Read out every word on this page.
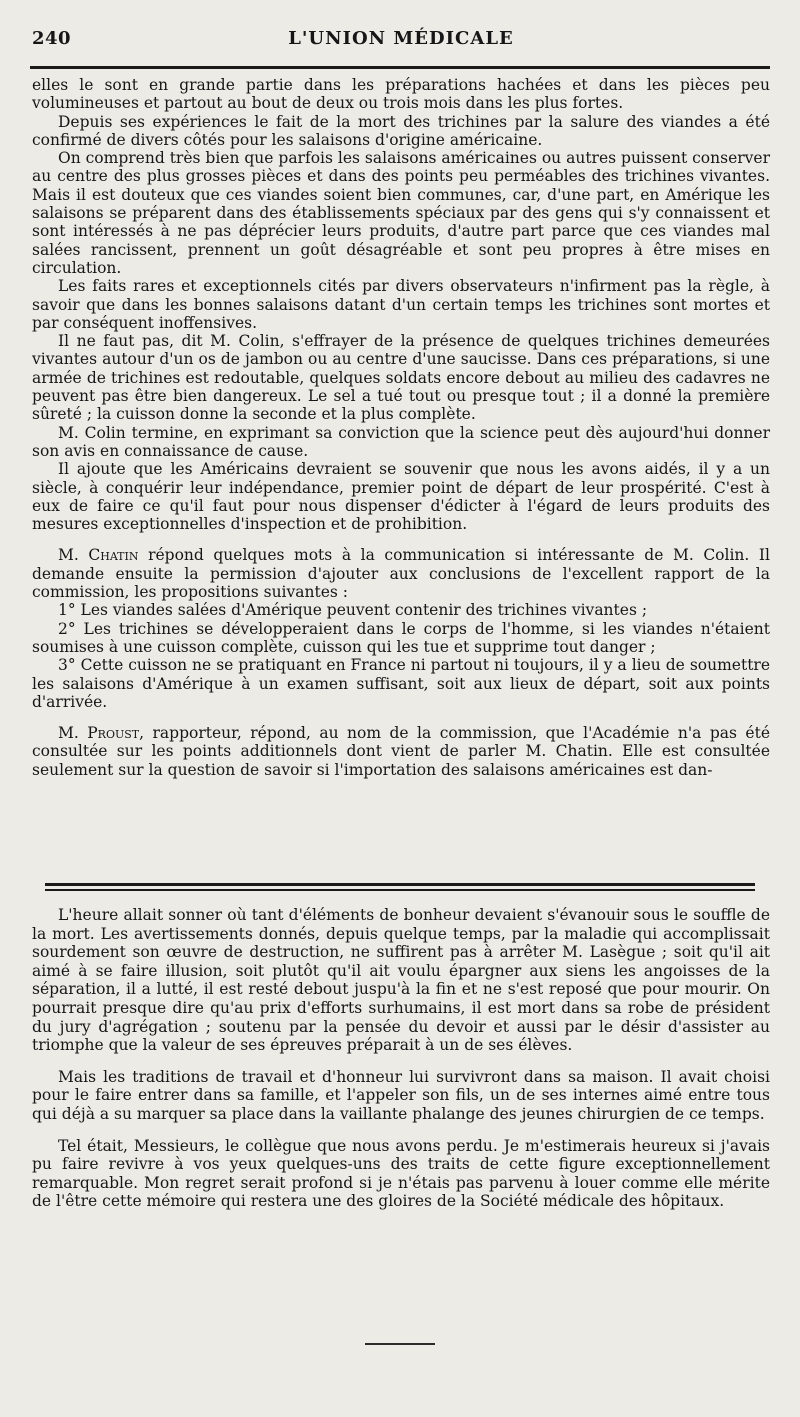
240	L'UNION MÉDICALE

elles le sont en grande partie dans les préparations hachées et dans les pièces peu volumineuses et partout au bout de deux ou trois mois dans les plus fortes.

Depuis ses expériences le fait de la mort des trichines par la salure des viandes a été confirmé de divers côtés pour les salaisons d'origine américaine.

On comprend très bien que parfois les salaisons américaines ou autres puissent conserver au centre des plus grosses pièces et dans des points peu perméables des trichines vivantes. Mais il est douteux que ces viandes soient bien communes, car, d'une part, en Amérique les salaisons se préparent dans des établissements spéciaux par des gens qui s'y connaissent et sont intéressés à ne pas déprécier leurs produits, d'autre part parce que ces viandes mal salées rancissent, prennent un goût désagréable et sont peu propres à être mises en circulation.

Les faits rares et exceptionnels cités par divers observateurs n'infirment pas la règle, à savoir que dans les bonnes salaisons datant d'un certain temps les trichines sont mortes et par conséquent inoffensives.

Il ne faut pas, dit M. Colin, s'effrayer de la présence de quelques trichines demeurées vivantes autour d'un os de jambon ou au centre d'une saucisse. Dans ces préparations, si une armée de trichines est redoutable, quelques soldats encore debout au milieu des cadavres ne peuvent pas être bien dangereux. Le sel a tué tout ou presque tout ; il a donné la première sûreté ; la cuisson donne la seconde et la plus complète.

M. Colin termine, en exprimant sa conviction que la science peut dès aujourd'hui donner son avis en connaissance de cause.

Il ajoute que les Américains devraient se souvenir que nous les avons aidés, il y a un siècle, à conquérir leur indépendance, premier point de départ de leur prospérité. C'est à eux de faire ce qu'il faut pour nous dispenser d'édicter à l'égard de leurs produits des mesures exceptionnelles d'inspection et de prohibition.

M. Chatin répond quelques mots à la communication si intéressante de M. Colin. Il demande ensuite la permission d'ajouter aux conclusions de l'excellent rapport de la commission, les propositions suivantes :

1° Les viandes salées d'Amérique peuvent contenir des trichines vivantes ;

2° Les trichines se développeraient dans le corps de l'homme, si les viandes n'étaient soumises à une cuisson complète, cuisson qui les tue et supprime tout danger ;

3° Cette cuisson ne se pratiquant en France ni partout ni toujours, il y a lieu de soumettre les salaisons d'Amérique à un examen suffisant, soit aux lieux de départ, soit aux points d'arrivée.

M. Proust, rapporteur, répond, au nom de la commission, que l'Académie n'a pas été consultée sur les points additionnels dont vient de parler M. Chatin. Elle est consultée seulement sur la question de savoir si l'importation des salaisons américaines est dan-

L'heure allait sonner où tant d'éléments de bonheur devaient s'évanouir sous le souffle de la mort. Les avertissements donnés, depuis quelque temps, par la maladie qui accomplissait sourdement son œuvre de destruction, ne suffirent pas à arrêter M. Lasègue ; soit qu'il ait aimé à se faire illusion, soit plutôt qu'il ait voulu épargner aux siens les angoisses de la séparation, il a lutté, il est resté debout juspu'à la fin et ne s'est reposé que pour mourir. On pourrait presque dire qu'au prix d'efforts surhumains, il est mort dans sa robe de président du jury d'agrégation ; soutenu par la pensée du devoir et aussi par le désir d'assister au triomphe que la valeur de ses épreuves préparait à un de ses élèves.

Mais les traditions de travail et d'honneur lui survivront dans sa maison. Il avait choisi pour le faire entrer dans sa famille, et l'appeler son fils, un de ses internes aimé entre tous qui déjà a su marquer sa place dans la vaillante phalange des jeunes chirurgien de ce temps.

Tel était, Messieurs, le collègue que nous avons perdu. Je m'estimerais heureux si j'avais pu faire revivre à vos yeux quelques-uns des traits de cette figure exceptionnellement remarquable. Mon regret serait profond si je n'étais pas parvenu à louer comme elle mérite de l'être cette mémoire qui restera une des gloires de la Société médicale des hôpitaux.
